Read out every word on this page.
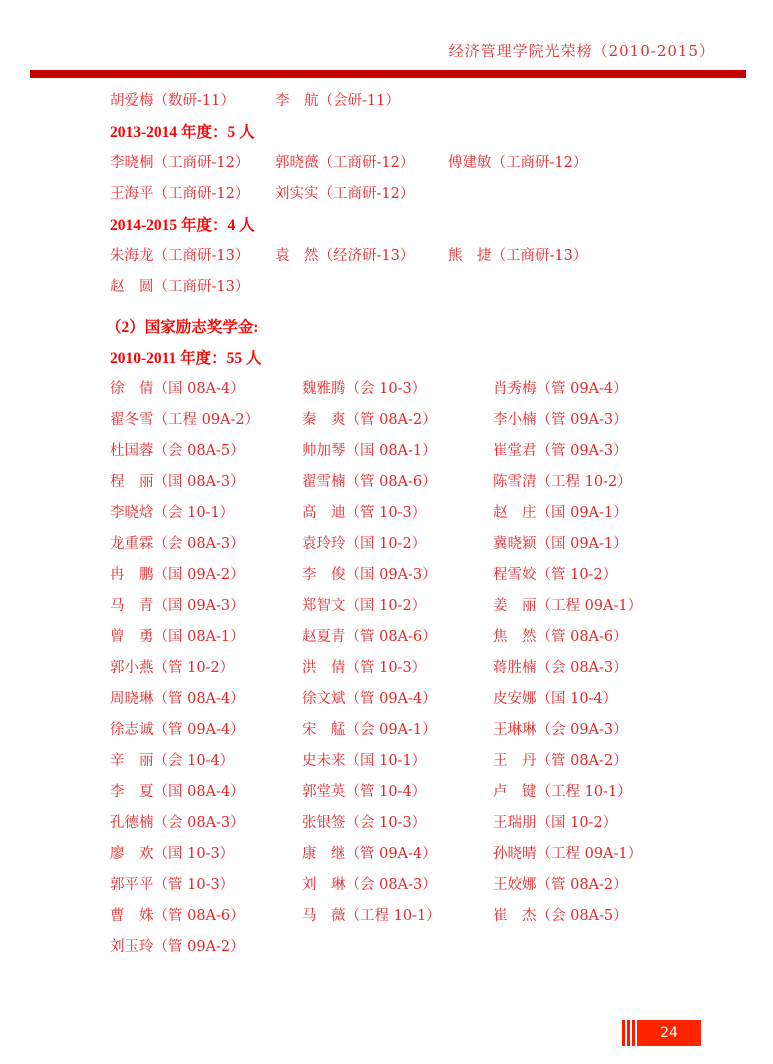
经济管理学院光荣榜（2010-2015）
胡爱梅（数研-11）	李　航（会研-11）
2013-2014 年度：5 人
李晓桐（工商研-12） 郭晓薇（工商研-12） 傅建敏（工商研-12）
王海平（工商研-12） 刘实实（工商研-12）
2014-2015 年度：4 人
朱海龙（工商研-13） 袁　然（经济研-13） 熊　捷（工商研-13）
赵　圆（工商研-13）
（2）国家励志奖学金:
2010-2011 年度：55 人
徐　倩（国 08A-4）	魏雅腾（会 10-3）	肖秀梅（管 09A-4）
翟冬雪（工程 09A-2）	秦　爽（管 08A-2）	李小楠（管 09A-3）
杜国蓉（会 08A-5）	帅加琴（国 08A-1）	崔堂君（管 09A-3）
程　丽（国 08A-3）	翟雪楠（管 08A-6）	陈雪清（工程 10-2）
李晓焓（会 10-1）	高　迪（管 10-3）	赵　庄（国 09A-1）
龙重霖（会 08A-3）	袁玲玲（国 10-2）	冀晓颖（国 09A-1）
冉　鹏（国 09A-2）	李　俊（国 09A-3）	程雪姣（管 10-2）
马　青（国 09A-3）	郑智文（国 10-2）	姜　丽（工程 09A-1）
曾　勇（国 08A-1）	赵夏青（管 08A-6）	焦　然（管 08A-6）
郭小燕（管 10-2）	洪　倩（管 10-3）	蒋胜楠（会 08A-3）
周晓琳（管 08A-4）	徐文斌（管 09A-4）	皮安娜（国 10-4）
徐志诚（管 09A-4）	宋　艋（会 09A-1）	王琳琳（会 09A-3）
辛　丽（会 10-4）	史未来（国 10-1）	王　丹（管 08A-2）
李　夏（国 08A-4）	郭堂英（管 10-4）	卢　键（工程 10-1）
孔德楠（会 08A-3）	张银签（会 10-3）	王瑞朋（国 10-2）
廖　欢（国 10-3）	康　继（管 09A-4）	孙晓晴（工程 09A-1）
郭平平（管 10-3）	刘　琳（会 08A-3）	王姣娜（管 08A-2）
曹　姝（管 08A-6）	马　薇（工程 10-1）	崔　杰（会 08A-5）
刘玉玲（管 09A-2）
24
